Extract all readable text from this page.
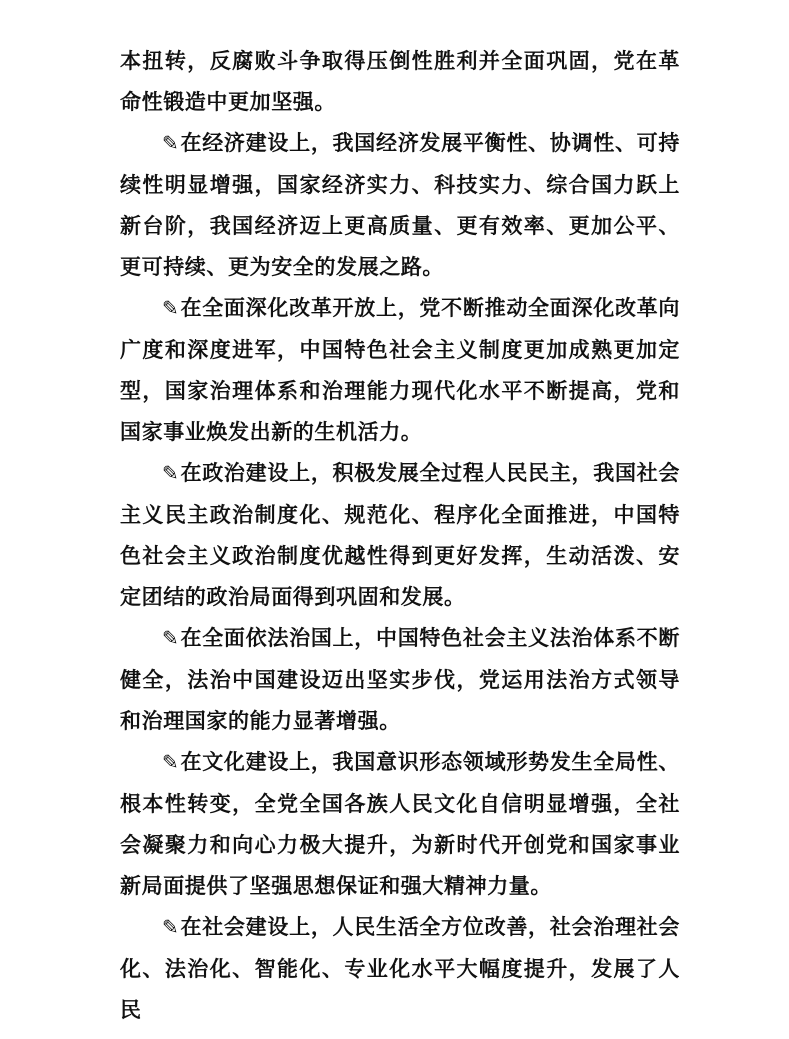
本扭转，反腐败斗争取得压倒性胜利并全面巩固，党在革命性锻造中更加坚强。

✎在经济建设上，我国经济发展平衡性、协调性、可持续性明显增强，国家经济实力、科技实力、综合国力跃上新台阶，我国经济迈上更高质量、更有效率、更加公平、更可持续、更为安全的发展之路。

✎在全面深化改革开放上，党不断推动全面深化改革向广度和深度进军，中国特色社会主义制度更加成熟更加定型，国家治理体系和治理能力现代化水平不断提高，党和国家事业焕发出新的生机活力。

✎在政治建设上，积极发展全过程人民民主，我国社会主义民主政治制度化、规范化、程序化全面推进，中国特色社会主义政治制度优越性得到更好发挥，生动活泼、安定团结的政治局面得到巩固和发展。

✎在全面依法治国上，中国特色社会主义法治体系不断健全，法治中国建设迈出坚实步伐，党运用法治方式领导和治理国家的能力显著增强。

✎在文化建设上，我国意识形态领域形势发生全局性、根本性转变，全党全国各族人民文化自信明显增强，全社会凝聚力和向心力极大提升，为新时代开创党和国家事业新局面提供了坚强思想保证和强大精神力量。

✎在社会建设上，人民生活全方位改善，社会治理社会化、法治化、智能化、专业化水平大幅度提升，发展了人民
